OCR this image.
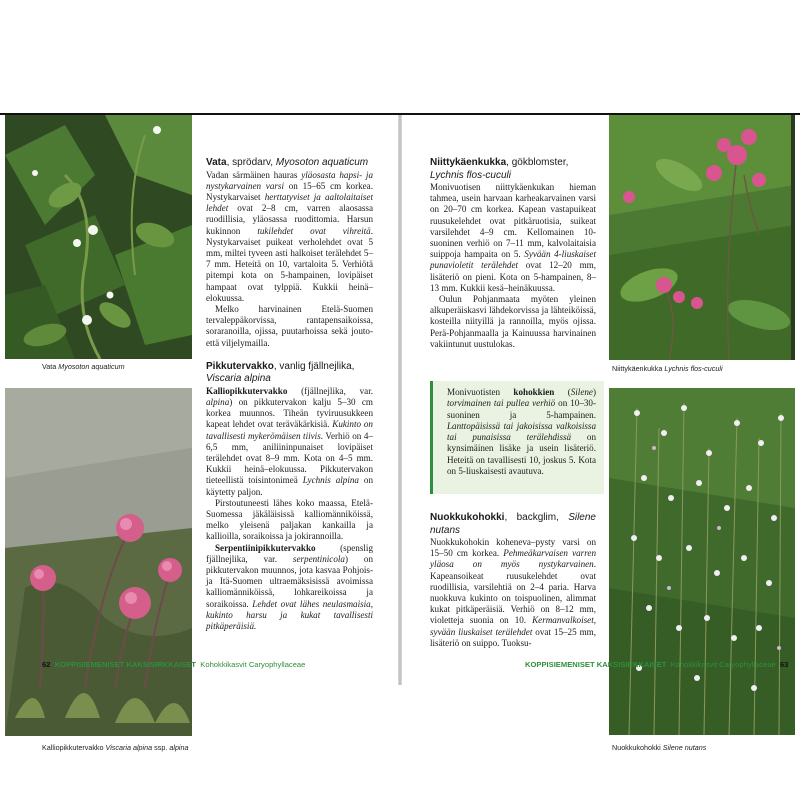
Vata Myosoton aquaticum
Kalliopikkutervakko Viscaria alpina ssp. alpina
Vata, sprödarv, Myosoton aquaticum

Vadan särmäinen hauras yläosasta hapsi- ja nystykarvainen varsi on 15–65 cm korkea. Nystykarvaiset herttatyviset ja aaltolaitaiset lehdet ovat 2–8 cm, varren alaosassa ruodillisia, yläosassa ruodittomia. Harsun kukinnon tukilehdet ovat vihreitä. Nystykarvaiset puikeat verholehdet ovat 5 mm, miltei tyveen asti halkoiset terälehdet 5–7 mm. Heteitä on 10, vartaloita 5. Verhiötä pitempi kota on 5-hampainen, lovipäiset hampaat ovat tylppiä. Kukkii heinä–elokuussa.

Melko harvinainen Etelä-Suomen tervaleppäkorvissa, rantapensaikoissa, soraranoilla, ojissa, puutarhoissa sekä jouto- että viljelymailla.

Pikkutervakko, vanlig fjällnejlika,
Viscaria alpina

Kalliopikkutervakko (fjällnejlika, var. alpina) on pikkutervakon kalju 5–30 cm korkea muunnos. Tiheän tyviruusukkeen kapeat lehdet ovat teräväkärkisiä. Kukinto on tavallisesti mykerömäisen tiivis. Verhiö on 4–6,5 mm, aniliininpunaiset lovipäiset terälehdet ovat 8–9 mm. Kota on 4–5 mm. Kukkii heinä–elokuussa. Pikkutervakon tieteellistä toisintonimeä Lychnis alpina on käytetty paljon.

Pirstoutuneesti lähes koko maassa, Etelä-Suomessa jäkäläisissä kalliomänniköissä, melko yleisenä paljakan kankailla ja kallioilla, soraikoissa ja jokirannoilla.

Serpentiinipikkutervakko (spenslig fjällnejlika, var. serpentinicola) on pikkutervakon muunnos, jota kasvaa Pohjois- ja Itä-Suomen ultraemäksisissä avoimissa kalliomänniköissä, lohkareikoissa ja soraikoissa. Lehdet ovat lähes neulasmaisia, kukinto harsu ja kukat tavallisesti pitkäperäisiä.

62 KOPPISIEMENISET KAKSISIRKKAISET Kohokkikasvit Caryophyllaceae
Niittykäenkukka, gökblomster,
Lychnis flos-cuculi

Monivuotisen niittykäenkukan hieman tahmea, usein harvaan karheakarvainen varsi on 20–70 cm korkea. Kapean vastapuikeat ruusukelehdet ovat pitkäruotisia, suikeat varsilehdet 4–9 cm. Kellomainen 10-suoninen verhiö on 7–11 mm, kalvolaitaisia suippoja hampaita on 5. Syvään 4-liuskaiset punavioletit terälehdet ovat 12–20 mm, lisäteriö on pieni. Kota on 5-hampainen, 8–13 mm. Kukkii kesä–heinäkuussa.

Oulun Pohjanmaata myöten yleinen alkuperäiskasvi lähdekorvissa ja lähteiköissä, kosteilla niityillä ja rannoilla, myös ojissa. Perä-Pohjanmaalla ja Kainuussa harvinainen vakiintunut uustulokas.

Monivuotisten kohokkien (Silene) torvimainen tai pullea verhiö on 10–30-suoninen ja 5-hampainen. Lanttopäisissä tai jakoisissa valkoisissa tai punaisissa terälehdissä on kynsimäinen lisäke ja usein lisäteriö. Heteitä on tavallisesti 10, joskus 5. Kota on 5-liuskaisesti avautuva.

Nuokkukohokki, backglim, Silene nutans

Nuokkukohokin koheneva–pysty varsi on 15–50 cm korkea. Pehmeäkarvaisen varren yläosa on myös nystykarvainen. Kapeansoikeat ruusukelehdet ovat ruodillisia, varsilehtiä on 2–4 paria. Harva nuokkuva kukinto on toispuolinen, alimmat kukat pitkäperäisiä. Verhiö on 8–12 mm, violetteja suonia on 10. Kermanvalkoiset, syvään liuskaiset terälehdet ovat 15–25 mm, lisäteriö on suippo. Tuoksu-

Niittykäenkukka Lychnis flos-cuculi
Nuokkukohokki Silene nutans
KOPPISIEMENISET KAKSISIRKKAISET Kohokkikasvit Caryophyllaceae 63
